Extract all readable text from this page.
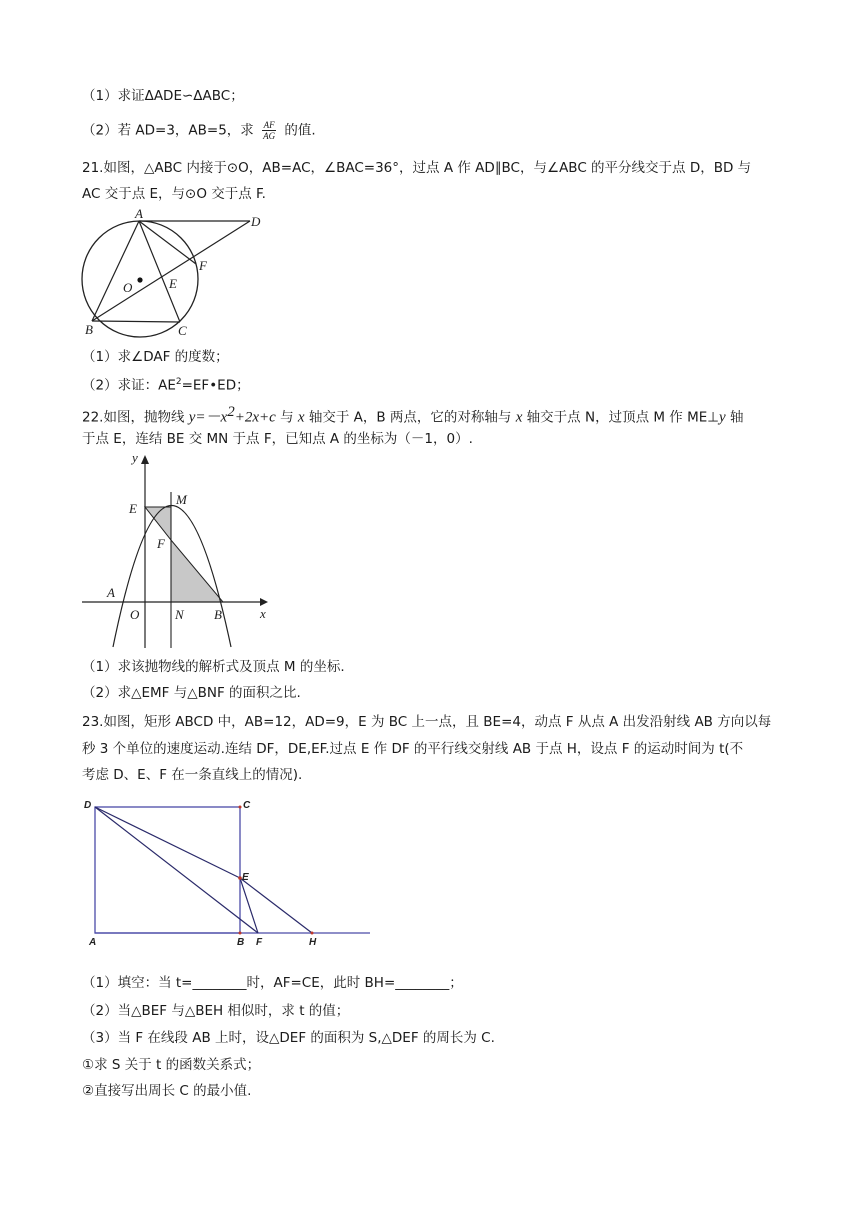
（1）求证ΔADE∽ΔABC；
（2）若 AD=3，AB=5，求 $\frac{AF}{AG}$ 的值.
21.如图，△ABC 内接于⊙O，AB=AC，∠BAC=36°，过点 A 作 AD∥BC，与∠ABC 的平分线交于点 D，BD 与
AC 交于点 E，与⊙O 交于点 F.
A
D
F
O	E
B	C
（1）求∠DAF 的度数；
（2）求证：$AE^2=EF•ED$；
22.如图，抛物线 $y=-x^2+2x+c$ 与 x 轴交于 A，B 两点，它的对称轴与 x 轴交于点 N，过顶点 M 作 ME⊥y 轴
于点 E，连结 BE 交 MN 于点 F，已知点 A 的坐标为（－1，0）.
y
x
E
M
F
A
O	N B
（1）求该抛物线的解析式及顶点 M 的坐标.
（2）求△EMF 与△BNF 的面积之比.
23.如图，矩形 ABCD 中，AB=12，AD=9，E 为 BC 上一点，且 BE=4，动点 F 从点 A 出发沿射线 AB 方向以每
秒 3 个单位的速度运动.连结 DF，DE,EF.过点 E 作 DF 的平行线交射线 AB 于点 H，设点 F 的运动时间为 t(不
考虑 D、E、F 在一条直线上的情况).
D	C
E
A	B F	H
（1）填空：当 t=________时，AF=CE，此时 BH=________；
（2）当△BEF 与△BEH 相似时，求 t 的值；
（3）当 F 在线段 AB 上时，设△DEF 的面积为 S,△DEF 的周长为 C.
①求 S 关于 t 的函数关系式；
②直接写出周长 C 的最小值.
